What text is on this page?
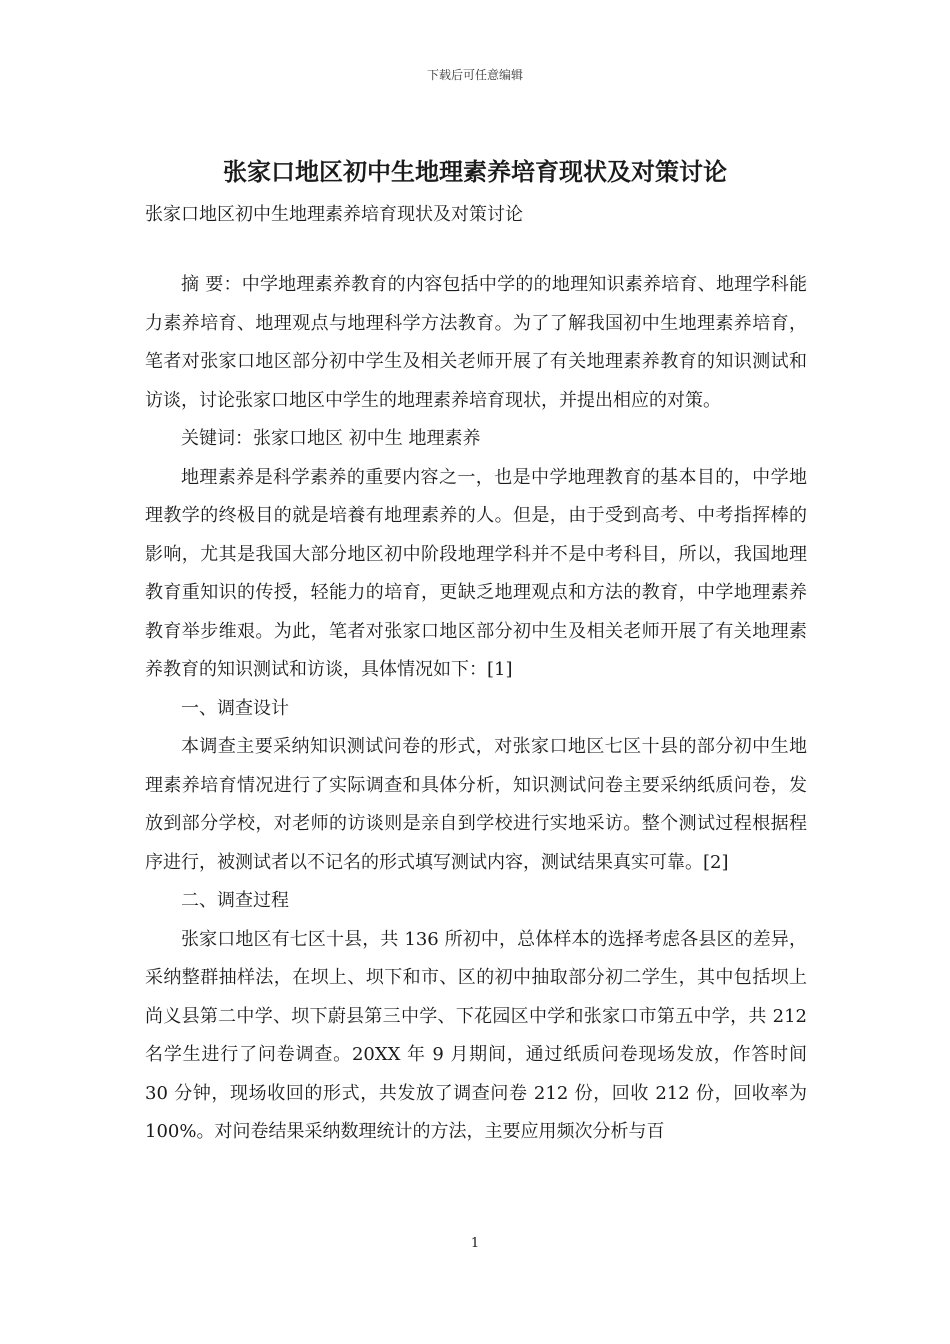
下载后可任意编辑
张家口地区初中生地理素养培育现状及对策讨论
张家口地区初中生地理素养培育现状及对策讨论

摘 要：中学地理素养教育的内容包括中学的的地理知识素养培育、地理学科能力素养培育、地理观点与地理科学方法教育。为了了解我国初中生地理素养培育，笔者对张家口地区部分初中学生及相关老师开展了有关地理素养教育的知识测试和访谈，讨论张家口地区中学生的地理素养培育现状，并提出相应的对策。

关键词：张家口地区 初中生 地理素养

地理素养是科学素养的重要内容之一，也是中学地理教育的基本目的，中学地理教学的终极目的就是培養有地理素养的人。但是，由于受到高考、中考指挥棒的影响，尤其是我国大部分地区初中阶段地理学科并不是中考科目，所以，我国地理教育重知识的传授，轻能力的培育，更缺乏地理观点和方法的教育，中学地理素养教育举步维艰。为此，笔者对张家口地区部分初中生及相关老师开展了有关地理素养教育的知识测试和访谈，具体情况如下：[1]

一、调查设计

本调查主要采纳知识测试问卷的形式，对张家口地区七区十县的部分初中生地理素养培育情况进行了实际调查和具体分析，知识测试问卷主要采纳纸质问卷，发放到部分学校，对老师的访谈则是亲自到学校进行实地采访。整个测试过程根据程序进行，被测试者以不记名的形式填写测试内容，测试结果真实可靠。[2]

二、调查过程

张家口地区有七区十县，共 136 所初中，总体样本的选择考虑各县区的差异，采纳整群抽样法，在坝上、坝下和市、区的初中抽取部分初二学生，其中包括坝上尚义县第二中学、坝下蔚县第三中学、下花园区中学和张家口市第五中学，共 212 名学生进行了问卷调查。20XX 年 9 月期间，通过纸质问卷现场发放，作答时间 30 分钟，现场收回的形式，共发放了调查问卷 212 份，回收 212 份，回收率为 100%。对问卷结果采纳数理统计的方法，主要应用频次分析与百

1
